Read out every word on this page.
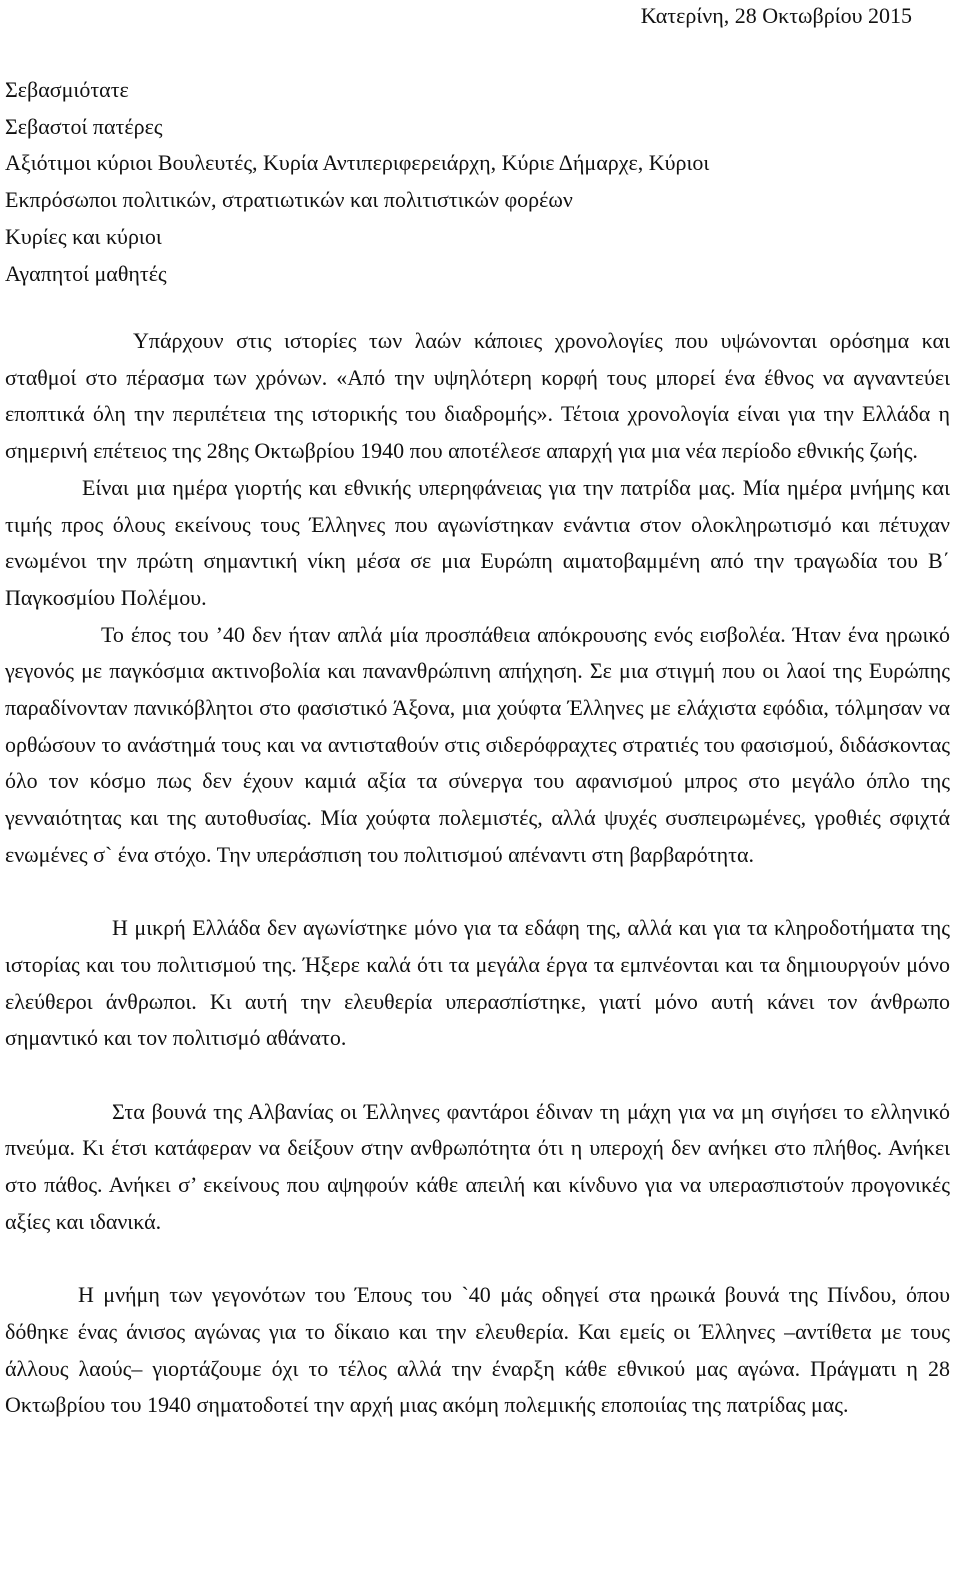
Κατερίνη, 28 Οκτωβρίου 2015
Σεβασμιότατε
Σεβαστοί πατέρες
Αξιότιμοι κύριοι Βουλευτές, Κυρία Αντιπεριφερειάρχη, Κύριε Δήμαρχε, Κύριοι
Εκπρόσωποι πολιτικών, στρατιωτικών και πολιτιστικών φορέων
Κυρίες και κύριοι
Αγαπητοί μαθητές

Υπάρχουν στις ιστορίες των λαών κάποιες χρονολογίες που υψώνονται ορόσημα και σταθμοί στο πέρασμα των χρόνων. «Από την υψηλότερη κορφή τους μπορεί ένα έθνος να αγναντεύει εποπτικά όλη την περιπέτεια της ιστορικής του διαδρομής». Τέτοια χρονολογία είναι για την Ελλάδα η σημερινή επέτειος της 28ης Οκτωβρίου 1940 που αποτέλεσε απαρχή για μια νέα περίοδο εθνικής ζωής.

Είναι μια ημέρα γιορτής και εθνικής υπερηφάνειας για την πατρίδα μας. Μία ημέρα μνήμης και τιμής προς όλους εκείνους τους Έλληνες που αγωνίστηκαν ενάντια στον ολοκληρωτισμό και πέτυχαν ενωμένοι την πρώτη σημαντική νίκη μέσα σε μια Ευρώπη αιματοβαμμένη από την τραγωδία του Β΄ Παγκοσμίου Πολέμου.

Το έπος του ’40 δεν ήταν απλά μία προσπάθεια απόκρουσης ενός εισβολέα. Ήταν ένα ηρωικό γεγονός με παγκόσμια ακτινοβολία και πανανθρώπινη απήχηση. Σε μια στιγμή που οι λαοί της Ευρώπης παραδίνονταν πανικόβλητοι στο φασιστικό Άξονα, μια χούφτα Έλληνες με ελάχιστα εφόδια, τόλμησαν να ορθώσουν το ανάστημά τους και να αντισταθούν στις σιδερόφραχτες στρατιές του φασισμού, διδάσκοντας όλο τον κόσμο πως δεν έχουν καμιά αξία τα σύνεργα του αφανισμού μπρος στο μεγάλο όπλο της γενναιότητας και της αυτοθυσίας. Μία χούφτα πολεμιστές, αλλά ψυχές συσπειρωμένες, γροθιές σφιχτά ενωμένες σ` ένα στόχο. Την υπεράσπιση του πολιτισμού απέναντι στη βαρβαρότητα.

Η μικρή Ελλάδα δεν αγωνίστηκε μόνο για τα εδάφη της, αλλά και για τα κληροδοτήματα της ιστορίας και του πολιτισμού της. Ήξερε καλά ότι τα μεγάλα έργα τα εμπνέονται και τα δημιουργούν μόνο ελεύθεροι άνθρωποι. Κι αυτή την ελευθερία υπερασπίστηκε, γιατί μόνο αυτή κάνει τον άνθρωπο σημαντικό και τον πολιτισμό αθάνατο.

Στα βουνά της Αλβανίας οι Έλληνες φαντάροι έδιναν τη μάχη για να μη σιγήσει το ελληνικό πνεύμα. Κι έτσι κατάφεραν να δείξουν στην ανθρωπότητα ότι η υπεροχή δεν ανήκει στο πλήθος. Ανήκει στο πάθος. Ανήκει σ’ εκείνους που αψηφούν κάθε απειλή και κίνδυνο για να υπερασπιστούν προγονικές αξίες και ιδανικά.

Η μνήμη των γεγονότων του Έπους του `40 μάς οδηγεί στα ηρωικά βουνά της Πίνδου, όπου δόθηκε ένας άνισος αγώνας για το δίκαιο και την ελευθερία. Και εμείς οι Έλληνες –αντίθετα με τους άλλους λαούς– γιορτάζουμε όχι το τέλος αλλά την έναρξη κάθε εθνικού μας αγώνα. Πράγματι η 28 Οκτωβρίου του 1940 σηματοδοτεί την αρχή μιας ακόμη πολεμικής εποποιίας της πατρίδας μας.
